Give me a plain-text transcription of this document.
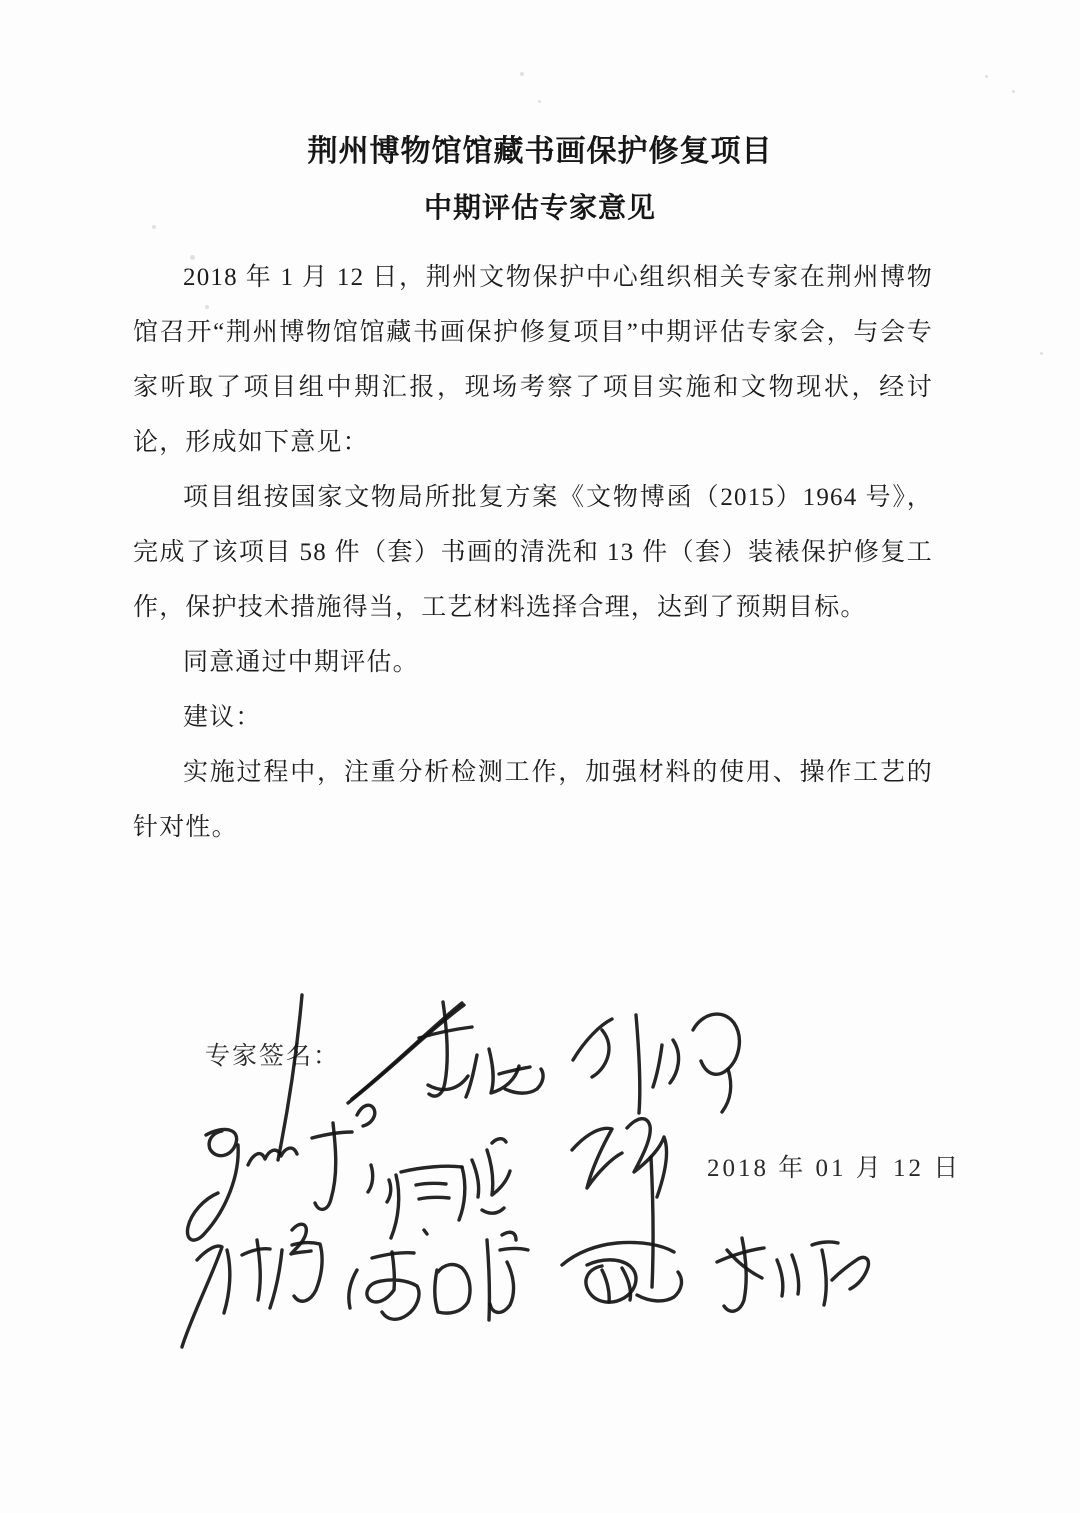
荆州博物馆馆藏书画保护修复项目
中期评估专家意见

2018 年 1 月 12 日，荆州文物保护中心组织相关专家在荆州博物馆召开“荆州博物馆馆藏书画保护修复项目”中期评估专家会，与会专家听取了项目组中期汇报，现场考察了项目实施和文物现状，经讨论，形成如下意见：

项目组按国家文物局所批复方案《文物博函（2015）1964 号》，完成了该项目 58 件（套）书画的清洗和 13 件（套）装裱保护修复工作，保护技术措施得当，工艺材料选择合理，达到了预期目标。

同意通过中期评估。

建议：

实施过程中，注重分析检测工作，加强材料的使用、操作工艺的针对性。

专家签名：
2018 年 01 月 12 日
